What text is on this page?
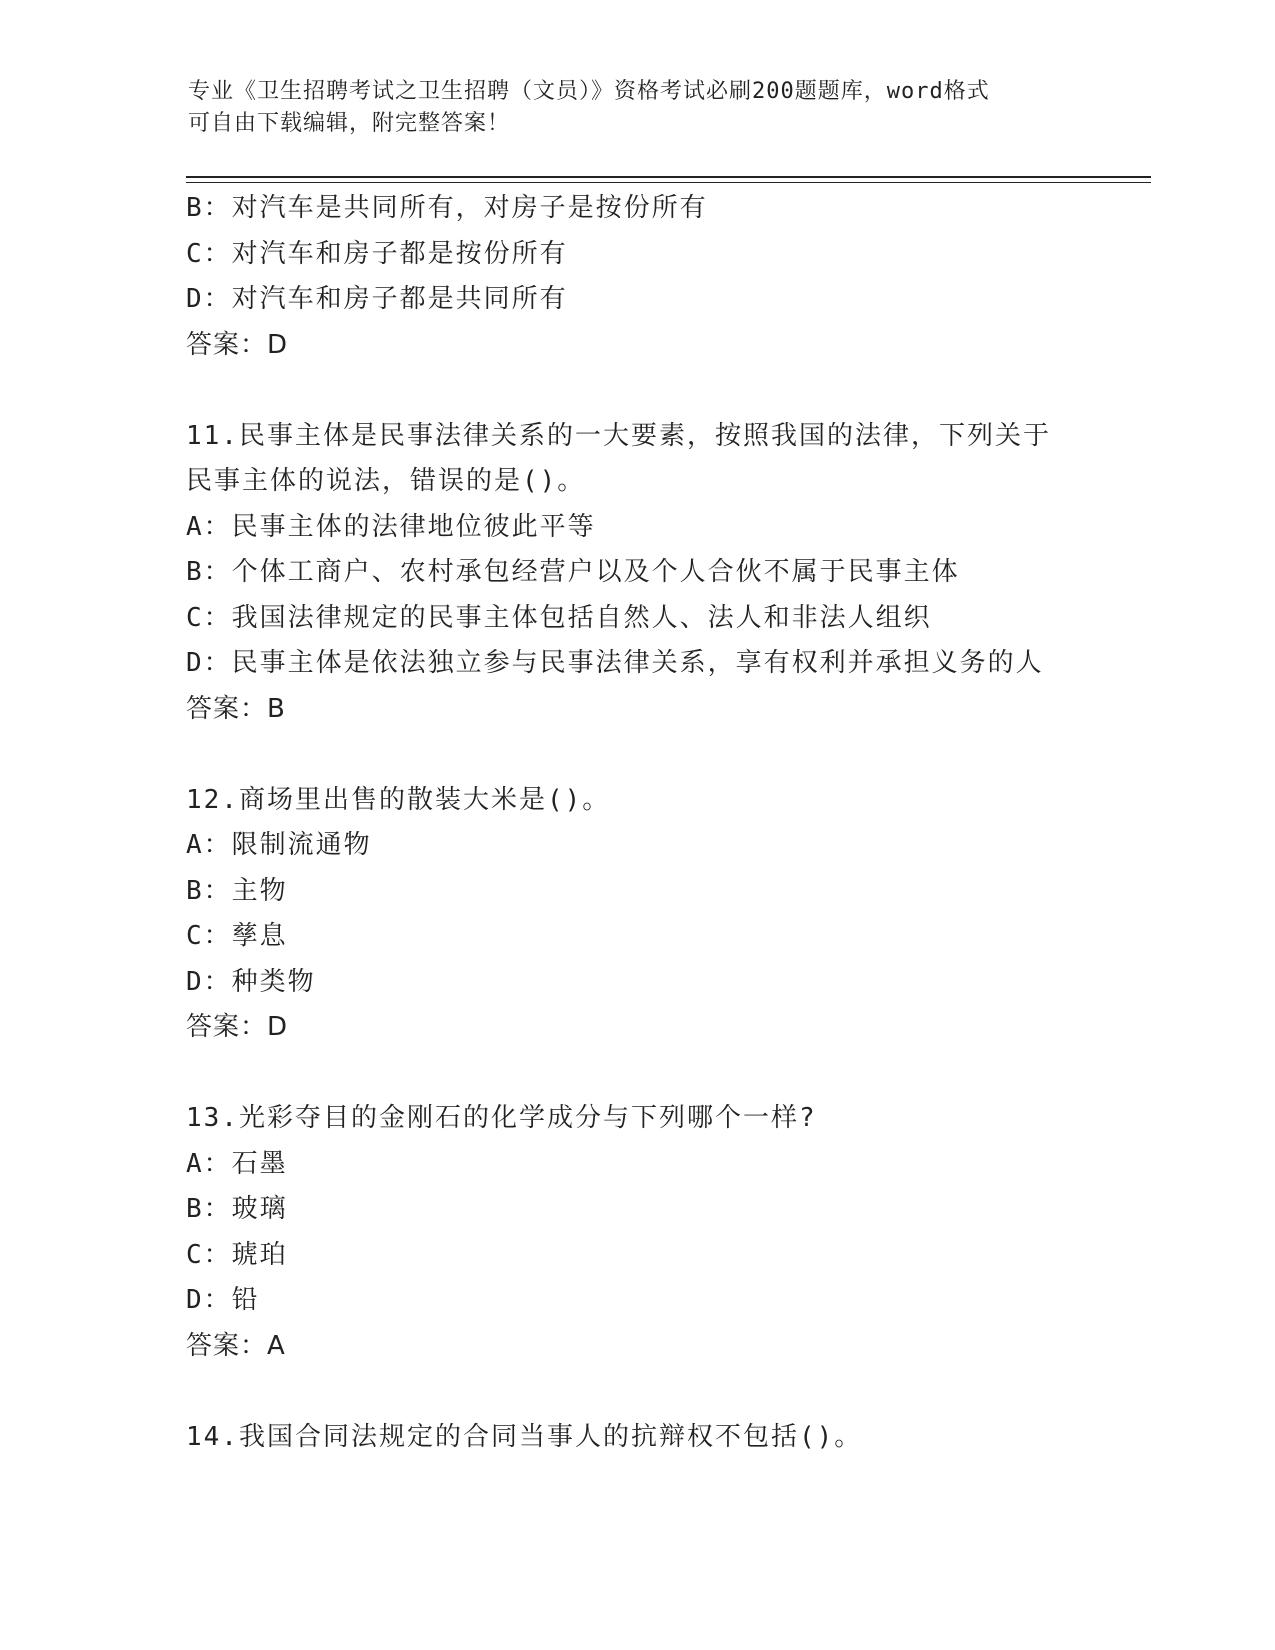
专业《卫生招聘考试之卫生招聘（文员）》资格考试必刷200题题库，word格式
可自由下载编辑，附完整答案！
B：对汽车是共同所有，对房子是按份所有
C：对汽车和房子都是按份所有
D：对汽车和房子都是共同所有
答案：D
11.民事主体是民事法律关系的一大要素，按照我国的法律，下列关于
民事主体的说法，错误的是()。
A：民事主体的法律地位彼此平等
B：个体工商户、农村承包经营户以及个人合伙不属于民事主体
C：我国法律规定的民事主体包括自然人、法人和非法人组织
D：民事主体是依法独立参与民事法律关系，享有权利并承担义务的人
答案：B
12.商场里出售的散装大米是()。
A：限制流通物
B：主物
C：孳息
D：种类物
答案：D
13.光彩夺目的金刚石的化学成分与下列哪个一样?
A：石墨
B：玻璃
C：琥珀
D：铅
答案：A
14.我国合同法规定的合同当事人的抗辩权不包括()。
